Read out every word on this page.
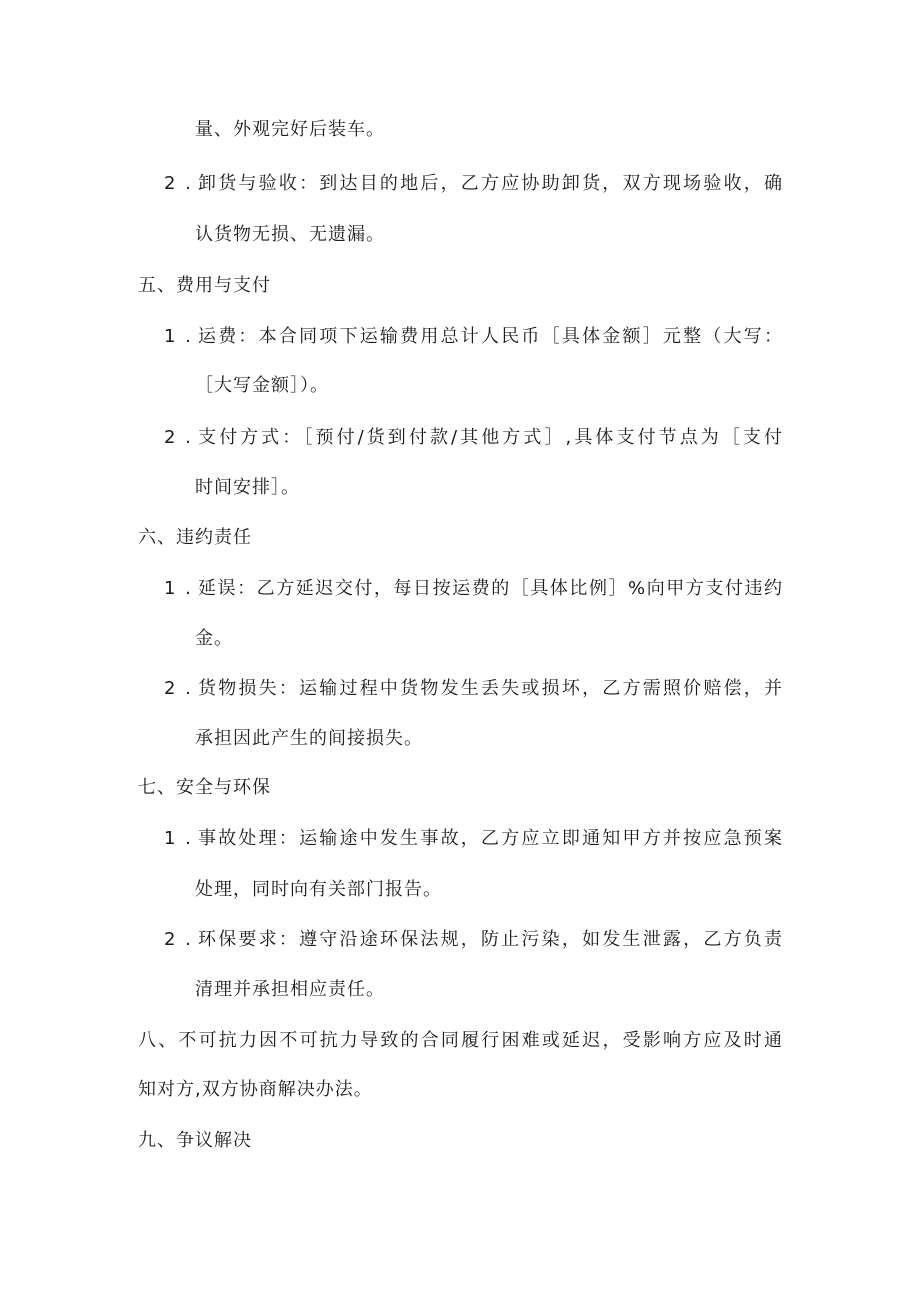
量、外观完好后装车。
2 . 卸货与验收：到达目的地后，乙方应协助卸货，双方现场验收，确
认货物无损、无遗漏。
五、费用与支付
1 . 运费：本合同项下运输费用总计人民币［具体金额］元整（大写：
［大写金额］）。
2 . 支付方式：［预付/货到付款/其他方式］,具体支付节点为［支付
时间安排］。
六、违约责任
1 . 延误：乙方延迟交付，每日按运费的［具体比例］%向甲方支付违约
金。
2 . 货物损失：运输过程中货物发生丢失或损坏，乙方需照价赔偿，并
承担因此产生的间接损失。
七、安全与环保
1 . 事故处理：运输途中发生事故，乙方应立即通知甲方并按应急预案
处理，同时向有关部门报告。
2 . 环保要求：遵守沿途环保法规，防止污染，如发生泄露，乙方负责
清理并承担相应责任。
八、不可抗力因不可抗力导致的合同履行困难或延迟，受影响方应及时通
知对方,双方协商解决办法。
九、争议解决
